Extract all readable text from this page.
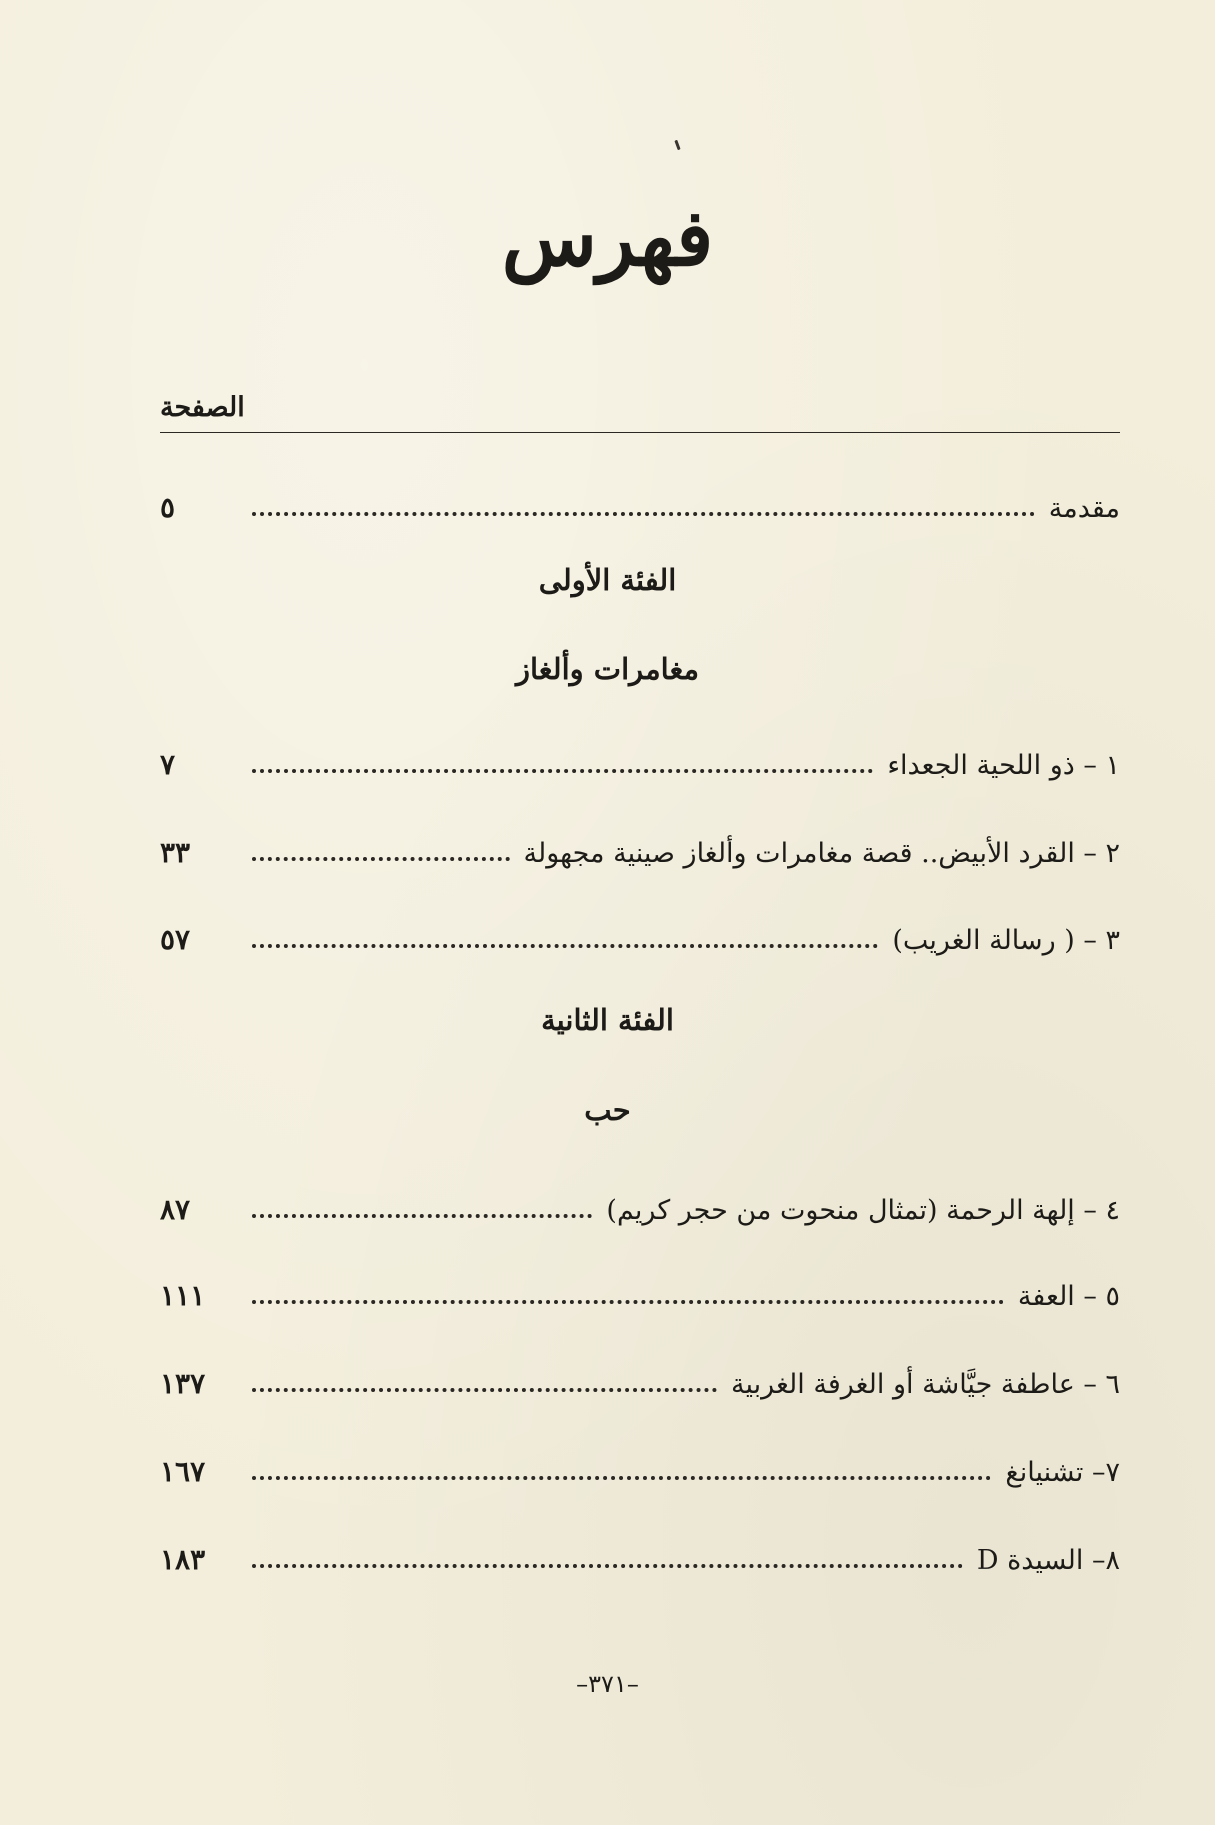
فهرس
الصفحة
مقدمة
٥
الفئة الأولى
مغامرات وألغاز
١ – ذو اللحية الجعداء
٧
٢ – القرد الأبيض.. قصة مغامرات وألغاز صينية مجهولة
٣٣
٣ – ( رسالة الغريب)
٥٧
الفئة الثانية
حب
٤ – إلهة الرحمة (تمثال منحوت من حجر كريم)
٨٧
٥ – العفة
١١١
٦ – عاطفة جيَّاشة أو الغرفة الغربية
١٣٧
٧– تشنيانغ
١٦٧
٨– السيدة D
١٨٣
–٣٧١–
